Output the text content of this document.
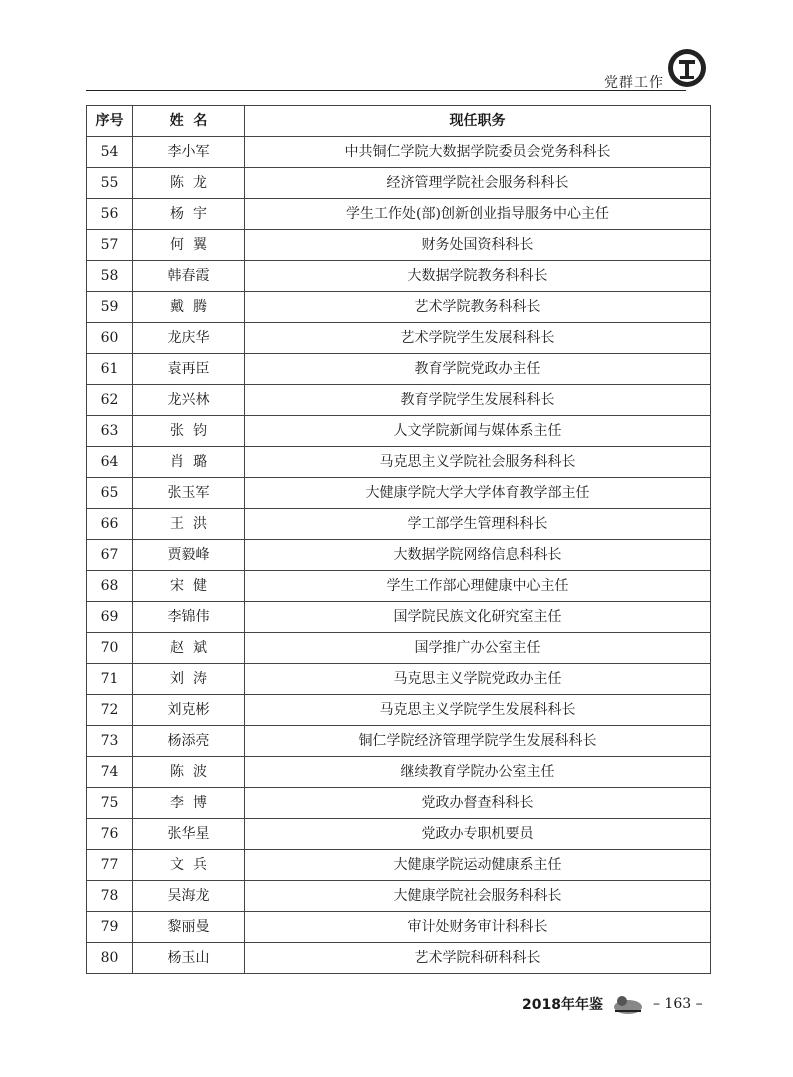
党群工作
序号	姓  名	现任职务
54	李小军	中共铜仁学院大数据学院委员会党务科科长
55	陈  龙	经济管理学院社会服务科科长
56	杨  宇	学生工作处(部)创新创业指导服务中心主任
57	何  翼	财务处国资科科长
58	韩春霞	大数据学院教务科科长
59	戴  腾	艺术学院教务科科长
60	龙庆华	艺术学院学生发展科科长
61	袁再臣	教育学院党政办主任
62	龙兴林	教育学院学生发展科科长
63	张  钧	人文学院新闻与媒体系主任
64	肖  璐	马克思主义学院社会服务科科长
65	张玉军	大健康学院大学大学体育教学部主任
66	王  洪	学工部学生管理科科长
67	贾毅峰	大数据学院网络信息科科长
68	宋  健	学生工作部心理健康中心主任
69	李锦伟	国学院民族文化研究室主任
70	赵  斌	国学推广办公室主任
71	刘  涛	马克思主义学院党政办主任
72	刘克彬	马克思主义学院学生发展科科长
73	杨添亮	铜仁学院经济管理学院学生发展科科长
74	陈  波	继续教育学院办公室主任
75	李  博	党政办督查科科长
76	张华星	党政办专职机要员
77	文  兵	大健康学院运动健康系主任
78	吴海龙	大健康学院社会服务科科长
79	黎丽曼	审计处财务审计科科长
80	杨玉山	艺术学院科研科科长
2018年年鉴	– 163 –
